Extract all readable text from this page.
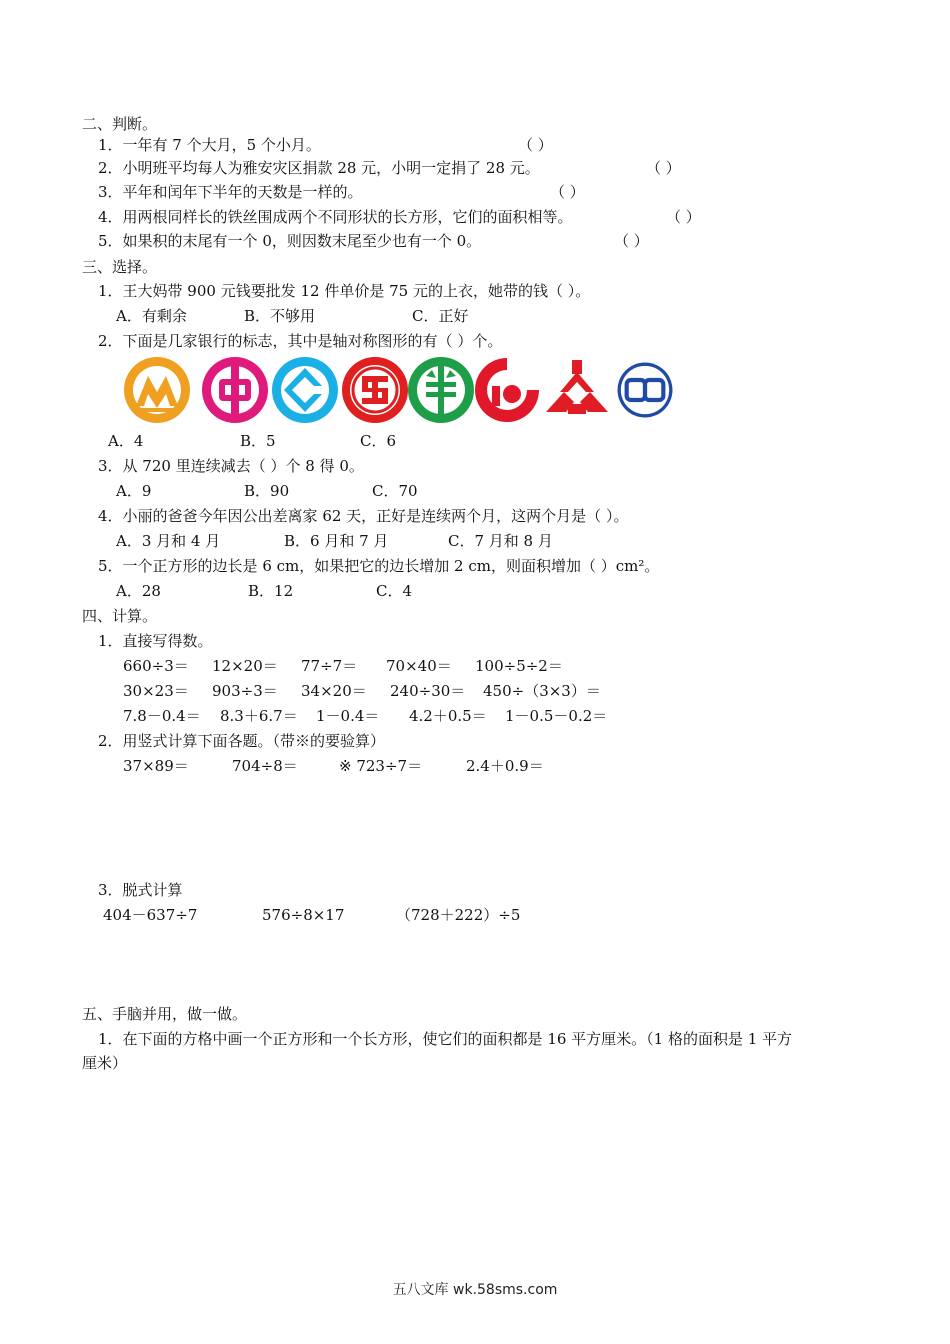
二、判断。
1．一年有 7 个大月，5 个小月。	（ ）
2．小明班平均每人为雅安灾区捐款 28 元，小明一定捐了 28 元。	（ ）
3．平年和闰年下半年的天数是一样的。	（ ）
4．用两根同样长的铁丝围成两个不同形状的长方形，它们的面积相等。	（ ）
5．如果积的末尾有一个 0，则因数末尾至少也有一个 0。	（ ）
三、选择。
1．王大妈带 900 元钱要批发 12 件单价是 75 元的上衣，她带的钱（ ）。
A．有剩余	B．不够用	C．正好
2．下面是几家银行的标志，其中是轴对称图形的有（ ）个。
A．4	B．5	C．6
3．从 720 里连续减去（ ）个 8 得 0。
A．9	B．90	C．70
4．小丽的爸爸今年因公出差离家 62 天，正好是连续两个月，这两个月是（ ）。
A．3 月和 4 月	B．6 月和 7 月	C．7 月和 8 月
5．一个正方形的边长是 6 cm，如果把它的边长增加 2 cm，则面积增加（ ）cm²。
A．28	B．12	C．4
四、计算。
1．直接写得数。
660÷3＝ 12×20＝ 77÷7＝ 70×40＝ 100÷5÷2＝
30×23＝ 903÷3＝ 34×20＝ 240÷30＝ 450÷（3×3）＝
7.8－0.4＝ 8.3＋6.7＝ 1－0.4＝ 4.2＋0.5＝ 1－0.5－0.2＝
2．用竖式计算下面各题。（带※的要验算）
37×89＝	704÷8＝	※ 723÷7＝	2.4＋0.9＝
3．脱式计算
404－637÷7	576÷8×17	（728＋222）÷5
五、手脑并用，做一做。
1．在下面的方格中画一个正方形和一个长方形，使它们的面积都是 16 平方厘米。（1 格的面积是 1 平方
厘米）
五八文库 wk.58sms.com
